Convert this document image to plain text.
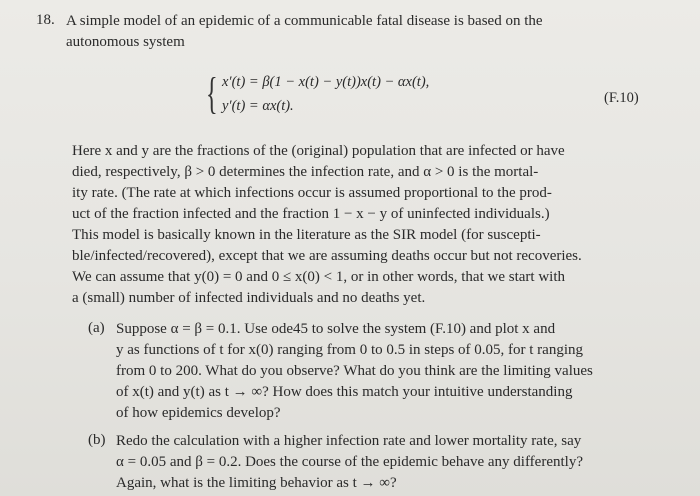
18. A simple model of an epidemic of a communicable fatal disease is based on the
autonomous system
{ x′(t) = β(1 − x(t) − y(t))x(t) − αx(t),
y′(t) = αx(t).	(F.10)
Here x and y are the fractions of the (original) population that are infected or have
died, respectively, β > 0 determines the infection rate, and α > 0 is the mortal-
ity rate. (The rate at which infections occur is assumed proportional to the prod-
uct of the fraction infected and the fraction 1 − x − y of uninfected individuals.)
This model is basically known in the literature as the SIR model (for suscepti-
ble/infected/recovered), except that we are assuming deaths occur but not recoveries.
We can assume that y(0) = 0 and 0 ≤ x(0) < 1, or in other words, that we start with
a (small) number of infected individuals and no deaths yet.
(a) Suppose α = β = 0.1. Use ode45 to solve the system (F.10) and plot x and
y as functions of t for x(0) ranging from 0 to 0.5 in steps of 0.05, for t ranging
from 0 to 200. What do you observe? What do you think are the limiting values
of x(t) and y(t) as t → ∞? How does this match your intuitive understanding
of how epidemics develop?
(b) Redo the calculation with a higher infection rate and lower mortality rate, say
α = 0.05 and β = 0.2. Does the course of the epidemic behave any differently?
Again, what is the limiting behavior as t → ∞?
